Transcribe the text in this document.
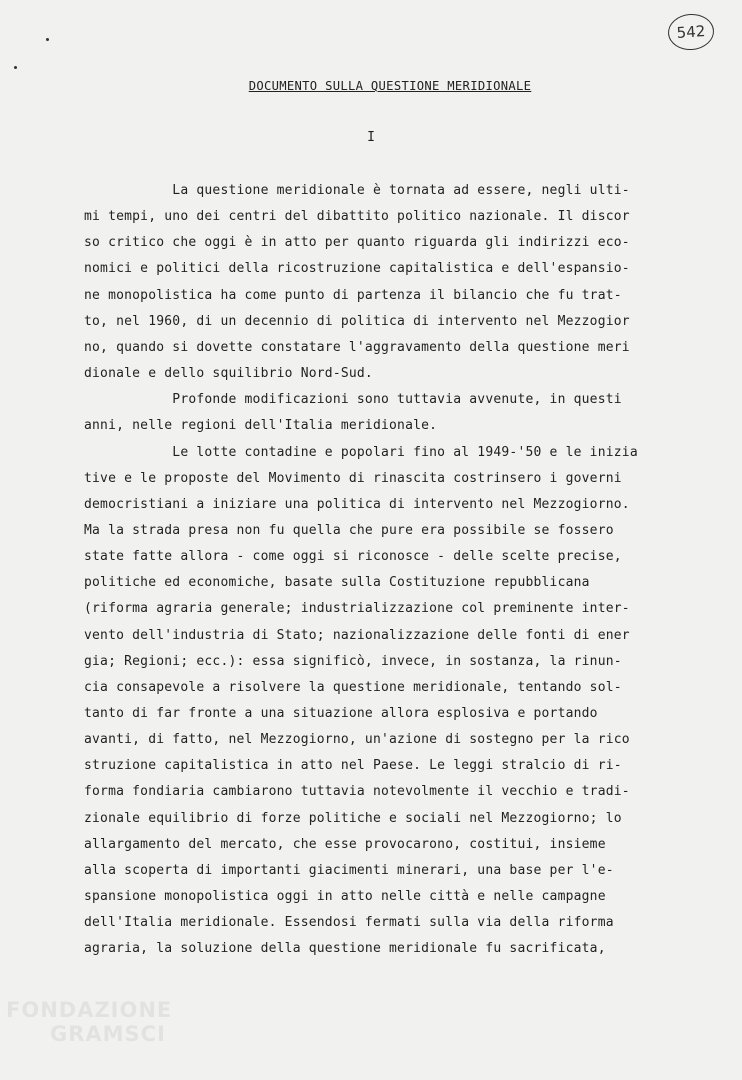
542
DOCUMENTO SULLA QUESTIONE MERIDIONALE
I
La questione meridionale è tornata ad essere, negli ulti-
mi tempi, uno dei centri del dibattito politico nazionale. Il discor
so critico che oggi è in atto per quanto riguarda gli indirizzi eco-
nomici e politici della ricostruzione capitalistica e dell'espansio-
ne monopolistica ha come punto di partenza il bilancio che fu trat-
to, nel 1960, di un decennio di politica di intervento nel Mezzogior
no, quando si dovette constatare l'aggravamento della questione meri
dionale e dello squilibrio Nord-Sud.
Profonde modificazioni sono tuttavia avvenute, in questi
anni, nelle regioni dell'Italia meridionale.
Le lotte contadine e popolari fino al 1949-'50 e le inizia
tive e le proposte del Movimento di rinascita costrinsero i governi
democristiani a iniziare una politica di intervento nel Mezzogiorno.
Ma la strada presa non fu quella che pure era possibile se fossero
state fatte allora - come oggi si riconosce - delle scelte precise,
politiche ed economiche, basate sulla Costituzione repubblicana
(riforma agraria generale; industrializzazione col preminente inter-
vento dell'industria di Stato; nazionalizzazione delle fonti di ener
gia; Regioni; ecc.): essa significò, invece, in sostanza, la rinun-
cia consapevole a risolvere la questione meridionale, tentando sol-
tanto di far fronte a una situazione allora esplosiva e portando
avanti, di fatto, nel Mezzogiorno, un'azione di sostegno per la rico
struzione capitalistica in atto nel Paese. Le leggi stralcio di ri-
forma fondiaria cambiarono tuttavia notevolmente il vecchio e tradi-
zionale equilibrio di forze politiche e sociali nel Mezzogiorno; lo
allargamento del mercato, che esse provocarono, costitui, insieme
alla scoperta di importanti giacimenti minerari, una base per l'e-
spansione monopolistica oggi in atto nelle città e nelle campagne
dell'Italia meridionale. Essendosi fermati sulla via della riforma
agraria, la soluzione della questione meridionale fu sacrificata,
FONDAZIONE
GRAMSCI
